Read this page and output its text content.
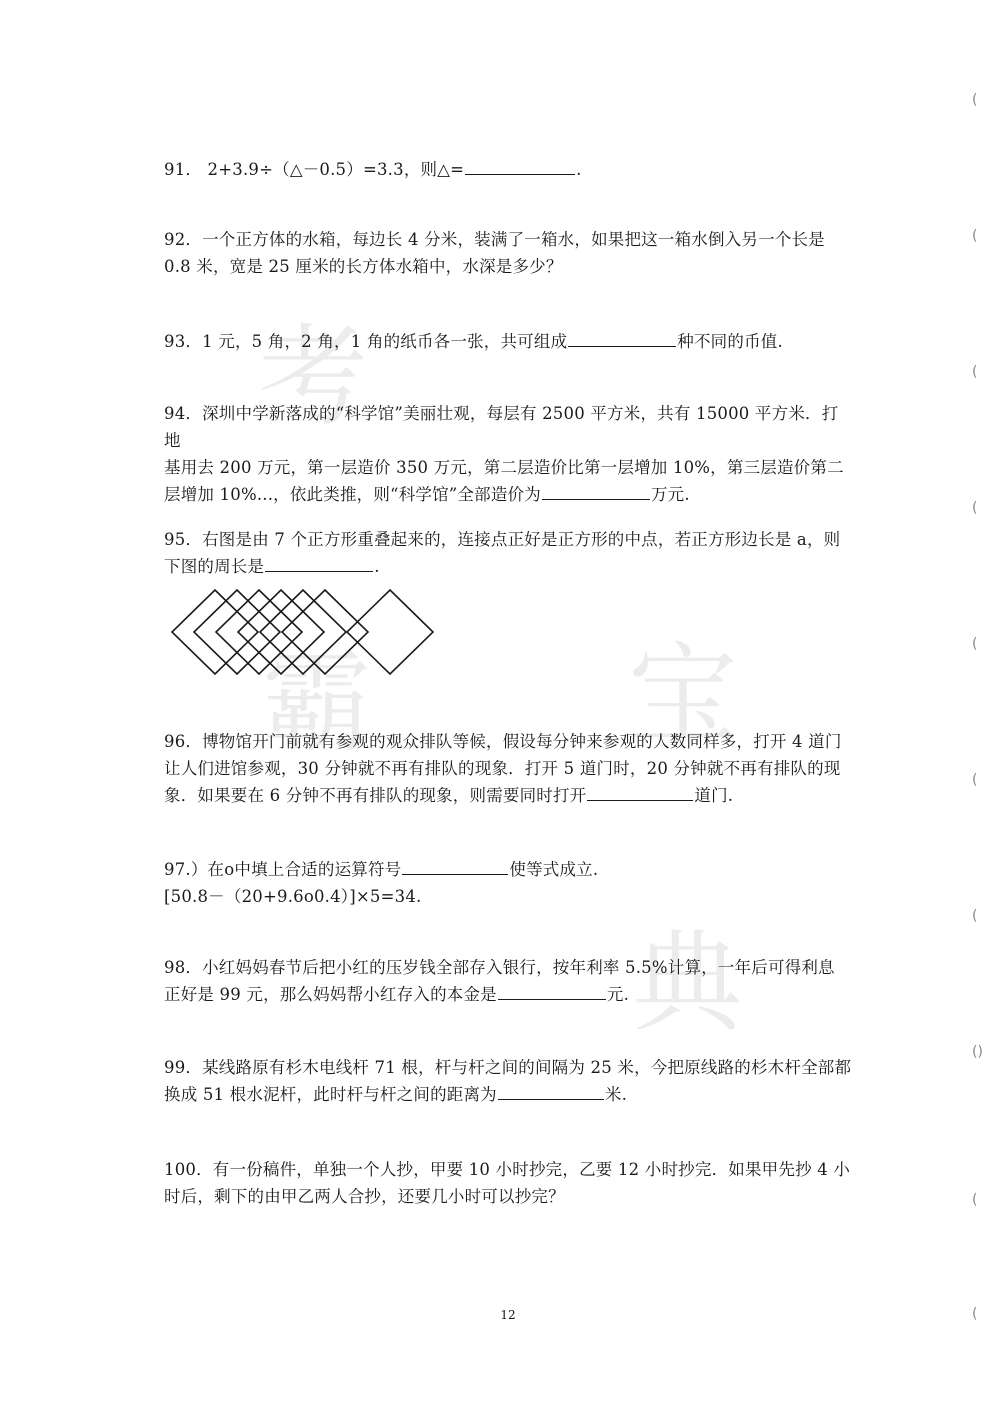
考
霸 宝
典

91． 2+3.9÷（△－0.5）=3.3，则△=	.

92．一个正方体的水箱，每边长 4 分米，装满了一箱水，如果把这一箱水倒入另一个长是

0.8 米，宽是 25 厘米的长方体水箱中，水深是多少？

93．1 元，5 角，2 角，1 角的纸币各一张，共可组成	种不同的币值.

94．深圳中学新落成的“科学馆”美丽壮观，每层有 2500 平方米，共有 15000 平方米．打地

基用去 200 万元，第一层造价 350 万元，第二层造价比第一层增加 10%，第三层造价第二

层增加 10%...，依此类推，则“科学馆”全部造价为	万元.

95．右图是由 7 个正方形重叠起来的，连接点正好是正方形的中点，若正方形边长是 a，则

下图的周长是	.

96．博物馆开门前就有参观的观众排队等候，假设每分钟来参观的人数同样多，打开 4 道门

让人们进馆参观，30 分钟就不再有排队的现象．打开 5 道门时，20 分钟就不再有排队的现

象．如果要在 6 分钟不再有排队的现象，则需要同时打开	道门.

97.）在o中填上合适的运算符号	使等式成立.

[50.8－（20+9.6o0.4）]×5=34.

98．小红妈妈春节后把小红的压岁钱全部存入银行，按年利率 5.5%计算，一年后可得利息

正好是 99 元，那么妈妈帮小红存入的本金是	元.

99．某线路原有杉木电线杆 71 根，杆与杆之间的间隔为 25 米，今把原线路的杉木杆全部都

换成 51 根水泥杆，此时杆与杆之间的距离为	米.

100．有一份稿件，单独一个人抄，甲要 10 小时抄完，乙要 12 小时抄完．如果甲先抄 4 小

时后，剩下的由甲乙两人合抄，还要几小时可以抄完？

(
(
(
(
(
(
(
()
(
(
12
